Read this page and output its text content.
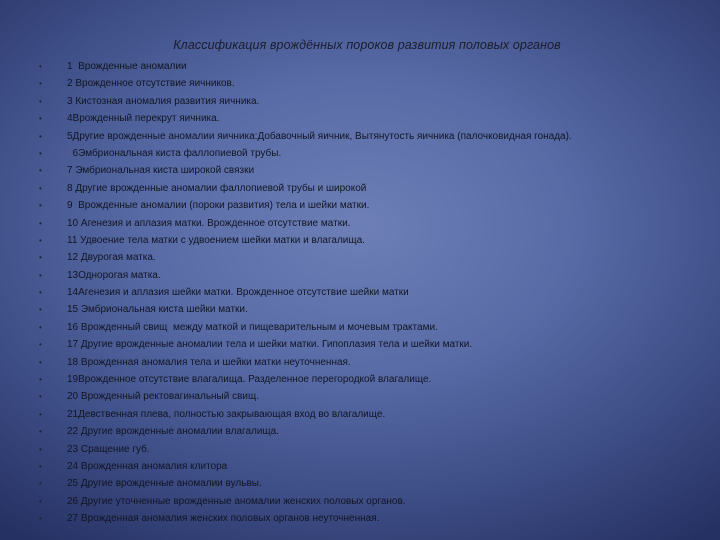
Классификация врождённых пороков развития половых органов
•	1  Врожденные аномалии
•	2 Врожденное отсутствие яичников.
•	3 Кистозная аномалия развития яичника.
•	4Врожденный перекрут яичника.
•	5Другие врожденные аномалии яичника:Добавочный яичник, Вытянутость яичника (палочковидная гонада).
•	6Эмбриональная киста фаллопиевой трубы.
•	7 Эмбриональная киста широкой связки
•	8 Другие врожденные аномалии фаллопиевой трубы и широкой
•	9  Врожденные аномалии (пороки развития) тела и шейки матки.
•	10 Агенезия и аплазия матки. Врожденное отсутствие матки.
•	11 Удвоение тела матки с удвоением шейки матки и влагалища.
•	12 Двурогая матка.
•	13Однорогая матка.
•	14Агенезия и аплазия шейки матки. Врожденное отсутствие шейки матки
•	15 Эмбриональная киста шейки матки.
•	16 Врожденный свищ  между маткой и пищеварительным и мочевым трактами.
•	17 Другие врожденные аномалии тела и шейки матки. Гипоплазия тела и шейки матки.
•	18 Врожденная аномалия тела и шейки матки неуточненная.
•	19Врожденное отсутствие влагалища. Разделенное перегородкой влагалище.
•	20 Врожденный ректовагинальный свищ.
•	21Девственная плева, полностью закрывающая вход во влагалище.
•	22 Другие врожденные аномалии влагалища.
•	23 Сращение губ.
•	24 Врожденная аномалия клитора
•	25 Другие врожденные аномалии вульвы.
•	26 Другие уточненные врожденные аномалии женских половых органов.
•	27 Врожденная аномалия женских половых органов неуточненная.
